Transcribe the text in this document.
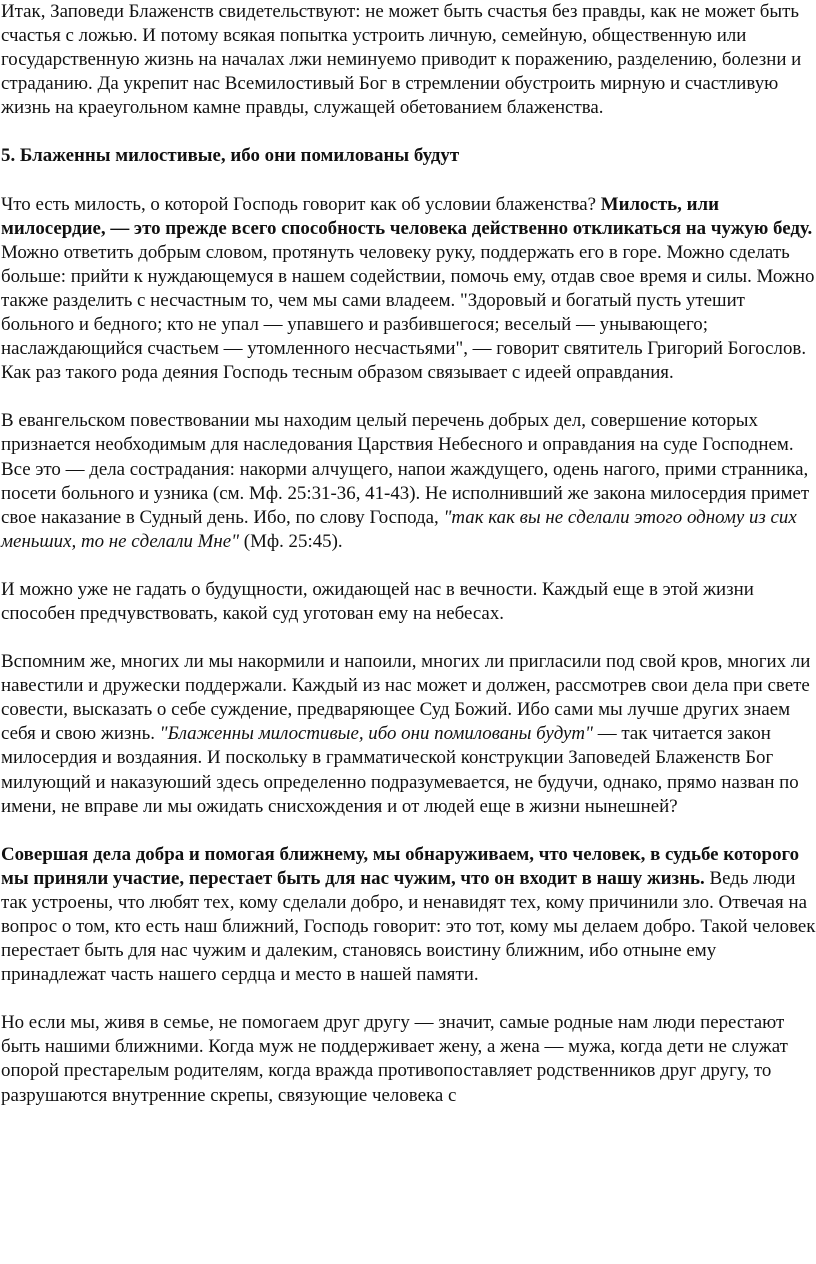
Итак, Заповеди Блаженств свидетельствуют: не может быть счастья без правды, как не может быть счастья с ложью. И потому всякая попытка устроить личную, семейную, общественную или государственную жизнь на началах лжи неминуемо приводит к поражению, разделению, болезни и страданию. Да укрепит нас Всемилостивый Бог в стремлении обустроить мирную и счастливую жизнь на краеугольном камне правды, служащей обетованием блаженства.

5. Блаженны милостивые, ибо они помилованы будут

Что есть милость, о которой Господь говорит как об условии блаженства? Милость, или милосердие, — это прежде всего способность человека действенно откликаться на чужую беду. Можно ответить добрым словом, протянуть человеку руку, поддержать его в горе. Можно сделать больше: прийти к нуждающемуся в нашем содействии, помочь ему, отдав свое время и силы. Можно также разделить с несчастным то, чем мы сами владеем. "Здоровый и богатый пусть утешит больного и бедного; кто не упал — упавшего и разбившегося; веселый — унывающего; наслаждающийся счастьем — утомленного несчастьями", — говорит святитель Григорий Богослов. Как раз такого рода деяния Господь тесным образом связывает с идеей оправдания.

В евангельском повествовании мы находим целый перечень добрых дел, совершение которых признается необходимым для наследования Царствия Небесного и оправдания на суде Господнем. Все это — дела сострадания: накорми алчущего, напои жаждущего, одень нагого, прими странника, посети больного и узника (см. Мф. 25:31-36, 41-43). Не исполнивший же закона милосердия примет свое наказание в Судный день. Ибо, по слову Господа, "так как вы не сделали этого одному из сих меньших, то не сделали Мне" (Мф. 25:45).

И можно уже не гадать о будущности, ожидающей нас в вечности. Каждый еще в этой жизни способен предчувствовать, какой суд уготован ему на небесах.

Вспомним же, многих ли мы накормили и напоили, многих ли пригласили под свой кров, многих ли навестили и дружески поддержали. Каждый из нас может и должен, рассмотрев свои дела при свете совести, высказать о себе суждение, предваряющее Суд Божий. Ибо сами мы лучше других знаем себя и свою жизнь. "Блаженны милостивые, ибо они помилованы будут" — так читается закон милосердия и воздаяния. И поскольку в грамматической конструкции Заповедей Блаженств Бог милующий и наказуюший здесь определенно подразумевается, не будучи, однако, прямо назван по имени, не вправе ли мы ожидать снисхождения и от людей еще в жизни нынешней?

Совершая дела добра и помогая ближнему, мы обнаруживаем, что человек, в судьбе которого мы приняли участие, перестает быть для нас чужим, что он входит в нашу жизнь. Ведь люди так устроены, что любят тех, кому сделали добро, и ненавидят тех, кому причинили зло. Отвечая на вопрос о том, кто есть наш ближний, Господь говорит: это тот, кому мы делаем добро. Такой человек перестает быть для нас чужим и далеким, становясь воистину ближним, ибо отныне ему принадлежат часть нашего сердца и место в нашей памяти.

Но если мы, живя в семье, не помогаем друг другу — значит, самые родные нам люди перестают быть нашими ближними. Когда муж не поддерживает жену, а жена — мужа, когда дети не служат опорой престарелым родителям, когда вражда противопоставляет родственников друг другу, то разрушаются внутренние скрепы, связующие человека с
